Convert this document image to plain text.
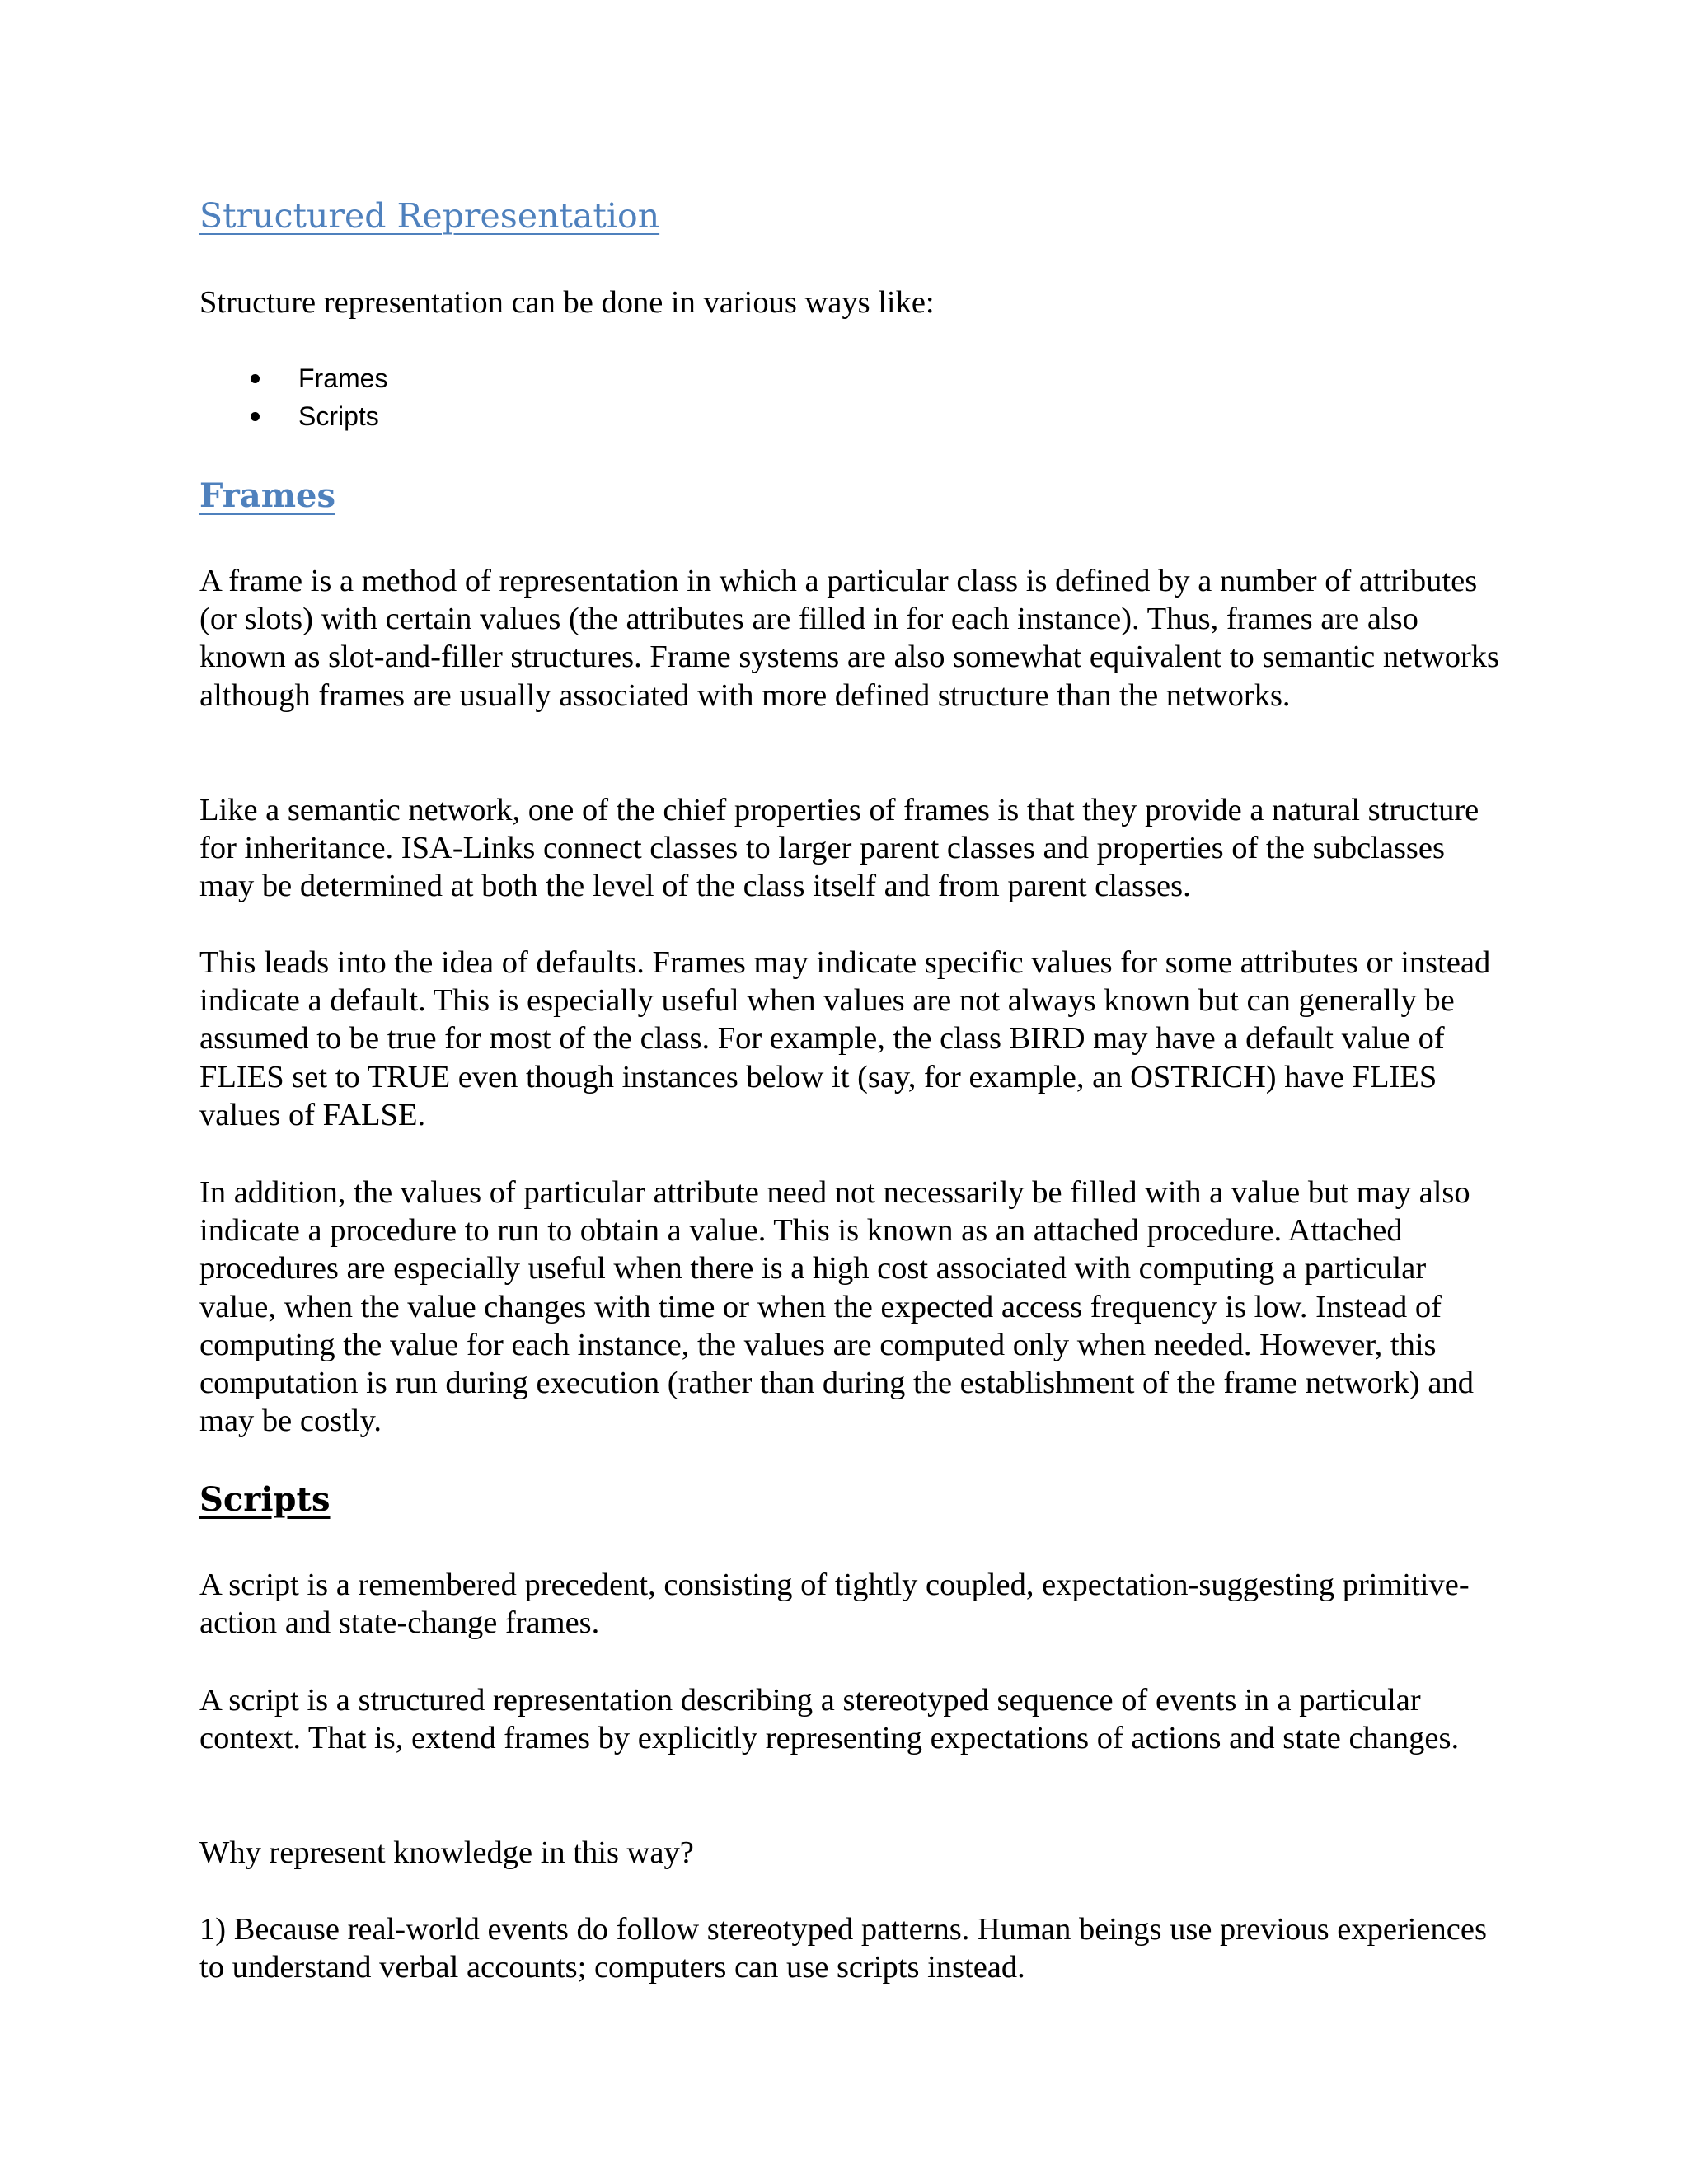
Structured Representation
Structure representation can be done in various ways like:
Frames
Scripts
Frames

A frame is a method of representation in which a particular class is defined by a number of attributes (or slots) with certain values (the attributes are filled in for each instance). Thus, frames are also known as slot-and-filler structures. Frame systems are also somewhat equivalent to semantic networks although frames are usually associated with more defined structure than the networks.

Like a semantic network, one of the chief properties of frames is that they provide a natural structure for inheritance. ISA-Links connect classes to larger parent classes and properties of the subclasses may be determined at both the level of the class itself and from parent classes.

This leads into the idea of defaults. Frames may indicate specific values for some attributes or instead indicate a default. This is especially useful when values are not always known but can generally be assumed to be true for most of the class. For example, the class BIRD may have a default value of FLIES set to TRUE even though instances below it (say, for example, an OSTRICH) have FLIES values of FALSE.

In addition, the values of particular attribute need not necessarily be filled with a value but may also indicate a procedure to run to obtain a value. This is known as an attached procedure. Attached procedures are especially useful when there is a high cost associated with computing a particular value, when the value changes with time or when the expected access frequency is low. Instead of computing the value for each instance, the values are computed only when needed. However, this computation is run during execution (rather than during the establishment of the frame network) and may be costly.

Scripts

A script is a remembered precedent, consisting of tightly coupled, expectation-suggesting primitive-action and state-change frames.

A script is a structured representation describing a stereotyped sequence of events in a particular context. That is, extend frames by explicitly representing expectations of actions and state changes.

Why represent knowledge in this way?

1) Because real-world events do follow stereotyped patterns. Human beings use previous experiences to understand verbal accounts; computers can use scripts instead.
